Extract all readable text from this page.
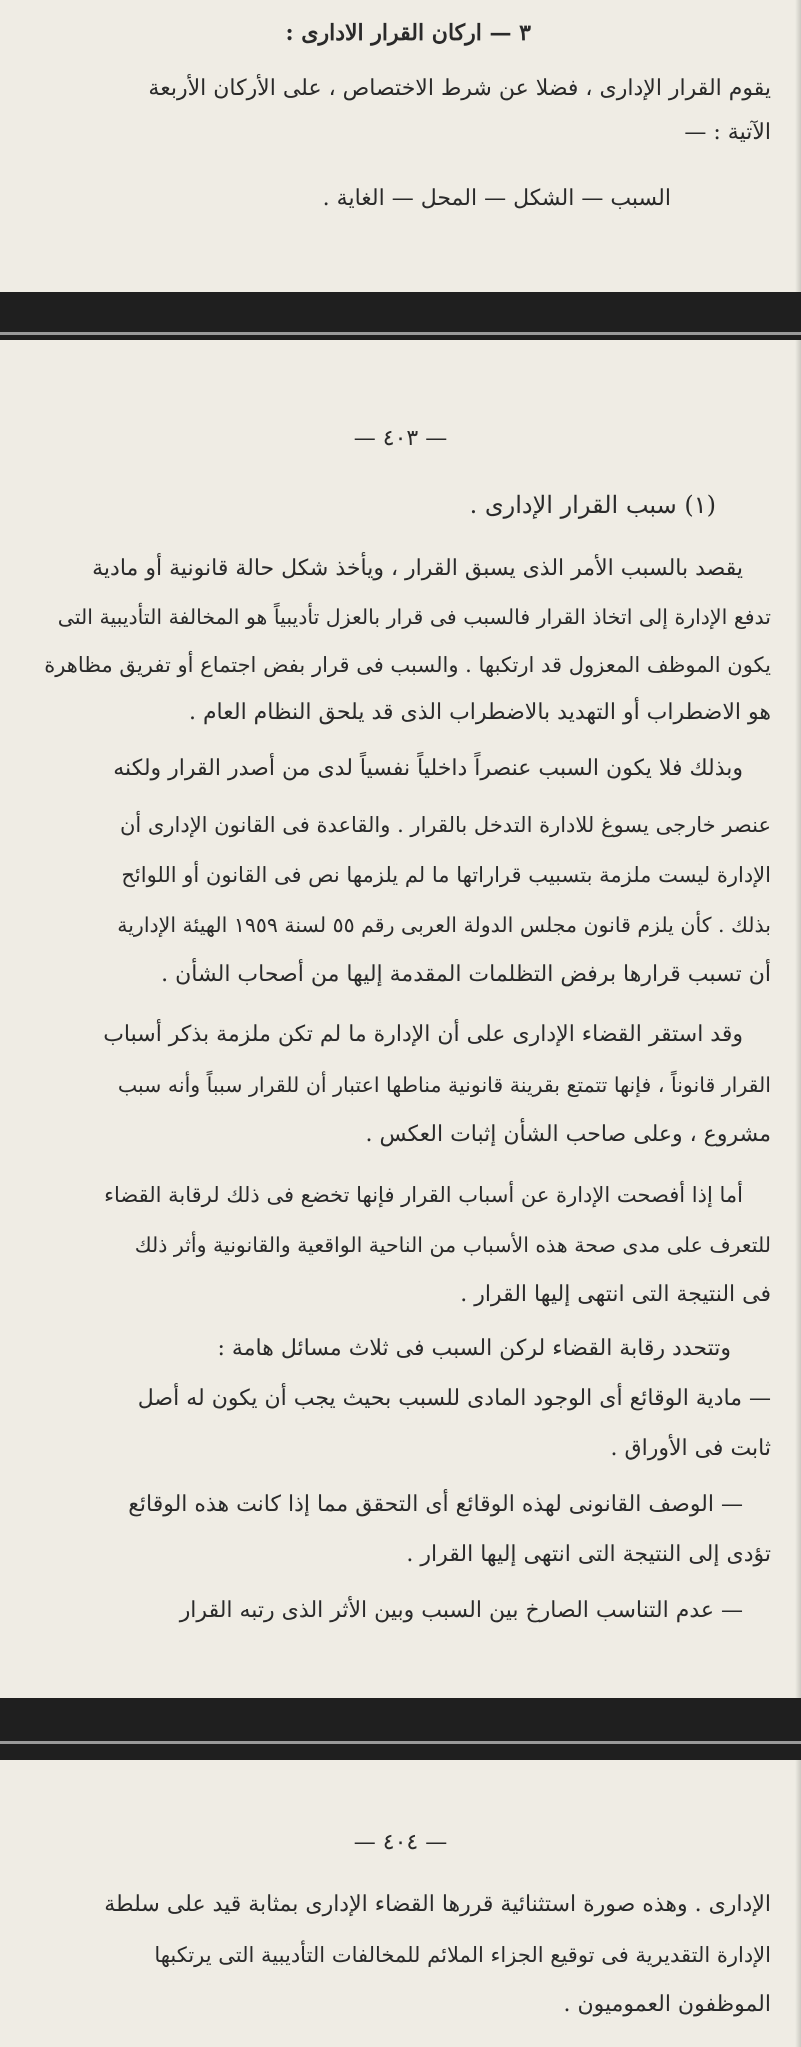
٣ — اركان القرار الادارى :
يقوم القرار الإدارى ، فضلا عن شرط الاختصاص ، على الأركان الأربعة
الآتية : —
السبب — الشكل — المحل — الغاية .
— ٤٠٣ —
(١) سبب القرار الإدارى .
يقصد بالسبب الأمر الذى يسبق القرار ، ويأخذ شكل حالة قانونية أو مادية
تدفع الإدارة إلى اتخاذ القرار فالسبب فى قرار بالعزل تأديبياً هو المخالفة التأديبية التى
يكون الموظف المعزول قد ارتكبها . والسبب فى قرار بفض اجتماع أو تفريق مظاهرة
هو الاضطراب أو التهديد بالاضطراب الذى قد يلحق النظام العام .
وبذلك فلا يكون السبب عنصراً داخلياً نفسياً لدى من أصدر القرار ولكنه
عنصر خارجى يسوغ للادارة التدخل بالقرار . والقاعدة فى القانون الإدارى أن
الإدارة ليست ملزمة بتسبيب قراراتها ما لم يلزمها نص فى القانون أو اللوائح
بذلك . كأن يلزم قانون مجلس الدولة العربى رقم ٥٥ لسنة ١٩٥٩ الهيئة الإدارية
أن تسبب قرارها برفض التظلمات المقدمة إليها من أصحاب الشأن .
وقد استقر القضاء الإدارى على أن الإدارة ما لم تكن ملزمة بذكر أسباب
القرار قانوناً ، فإنها تتمتع بقرينة قانونية مناطها اعتبار أن للقرار سبباً وأنه سبب
مشروع ، وعلى صاحب الشأن إثبات العكس .
أما إذا أفصحت الإدارة عن أسباب القرار فإنها تخضع فى ذلك لرقابة القضاء
للتعرف على مدى صحة هذه الأسباب من الناحية الواقعية والقانونية وأثر ذلك
فى النتيجة التى انتهى إليها القرار .
وتتحدد رقابة القضاء لركن السبب فى ثلاث مسائل هامة :
— مادية الوقائع أى الوجود المادى للسبب بحيث يجب أن يكون له أصل
ثابت فى الأوراق .
— الوصف القانونى لهذه الوقائع أى التحقق مما إذا كانت هذه الوقائع
تؤدى إلى النتيجة التى انتهى إليها القرار .
— عدم التناسب الصارخ بين السبب وبين الأثر الذى رتبه القرار
— ٤٠٤ —
الإدارى . وهذه صورة استثنائية قررها القضاء الإدارى بمثابة قيد على سلطة
الإدارة التقديرية فى توقيع الجزاء الملائم للمخالفات التأديبية التى يرتكبها
الموظفون العموميون .
